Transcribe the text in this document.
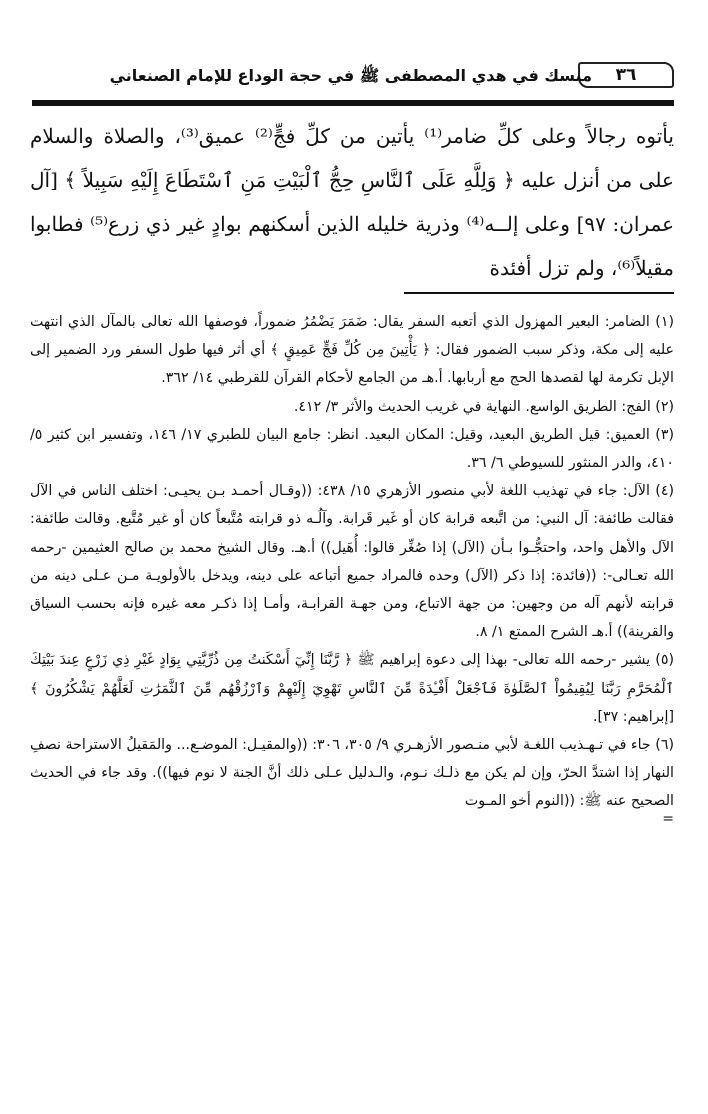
٣٦
منسك في هدي المصطفى ﷺ في حجة الوداع للإمام الصنعاني

يأتوه رجالاً وعلى كلِّ ضامر⁽¹⁾ يأتين من كلِّ فجٍّ⁽²⁾ عميق⁽³⁾، والصلاة والسلام على من أنزل عليه ﴿ وَلِلَّهِ عَلَى ٱلنَّاسِ حِجُّ ٱلْبَيْتِ مَنِ ٱسْتَطَاعَ إِلَيْهِ سَبِيلاً ﴾ [آل عمران: ٩٧] وعلى إلــه⁽⁴⁾ وذرية خليله الذين أسكنهم بوادٍ غير ذي زرع⁽⁵⁾ فطابوا مقيلاً⁽⁶⁾، ولم تزل أفئدة

(١) الضامر: البعير المهزول الذي أتعبه السفر يقال: ضَمَرَ يَضْمُرُ ضموراً، فوصفها الله تعالى بالمآل الذي انتهت عليه إلى مكة، وذكر سبب الضمور فقال: ﴿ يَأْتِينَ مِن كُلِّ فَجٍّ عَمِيقٍ ﴾ أي أثر فيها طول السفر ورد الضمير إلى الإبل تكرمة لها لقصدها الحج مع أربابها. أ.هـ من الجامع لأحكام القرآن للقرطبي ١٤/ ٣٦٢.

(٢) الفج: الطريق الواسع. النهاية في غريب الحديث والأثر ٣/ ٤١٢.

(٣) العميق: قيل الطريق البعيد، وقيل: المكان البعيد. انظر: جامع البيان للطبري ١٧/ ١٤٦، وتفسير ابن كثير ٥/ ٤١٠، والدر المنثور للسيوطي ٦/ ٣٦.

(٤) الآل: جاء في تهذيب اللغة لأبي منصور الأزهري ١٥/ ٤٣٨: ((وقـال أحمـد بـن يحيـى: اختلف الناس في الآل فقالت طائفة: آل النبي: من اتَّبعه قرابة كان أو غَير قَرابة. وآلُـه ذو قرابته مُتَّبعاً كان أو غير مُتَّبع. وقالت طائفة: الآل والأهل واحد، واحتجُّـوا بـأن (الآل) إذا صُغِّر قالوا: أُهَيل)) أ.هـ. وقال الشيخ محمد بن صالح العثيمين -رحمه الله تعـالى-: ((فائدة: إذا ذكر (الآل) وحده فالمراد جميع أتباعه على دينه، ويدخل بالأولويـة مـن عـلى دينه من قرابته لأنهم آله من وجهين: من جهة الاتباع، ومن جهـة القرابـة، وأمـا إذا ذكـر معه غيره فإنه بحسب السياق والقرينة)) أ.هـ الشرح الممتع ١/ ٨.

(٥) يشير -رحمه الله تعالى- بهذا إلى دعوة إبراهيم ﷺ ﴿ رَّبَّنَا إِنِّيٓ أَسْكَنتُ مِن ذُرِّيَّتِي بِوَادٍ غَيْرِ ذِي زَرْعٍ عِندَ بَيْتِكَ ٱلْمُحَرَّمِ رَبَّنَا لِيُقِيمُواْ ٱلصَّلَوٰةَ فَٱجْعَلْ أَفْـِٔدَةً مِّنَ ٱلنَّاسِ تَهْوِيٓ إِلَيْهِمْ وَٱرْزُقْهُم مِّنَ ٱلثَّمَرَٰتِ لَعَلَّهُمْ يَشْكُرُونَ ﴾ [إبراهيم: ٣٧].

(٦) جاء في تـهـذيب اللغـة لأبي منـصور الأزهـري ٩/ ٣٠٥، ٣٠٦: ((والمقيـل: الموضـع... والمَقيلُ الاستراحة نصفِ النهار إذا اشتدَّ الحرّ، وإن لم يكن مع ذلـك نـوم، والـدليل عـلى ذلك أنَّ الجنة لا نوم فيها)). وقد جاء في الحديث الصحيح عنه ﷺ: ((النوم أخو المـوت

=
